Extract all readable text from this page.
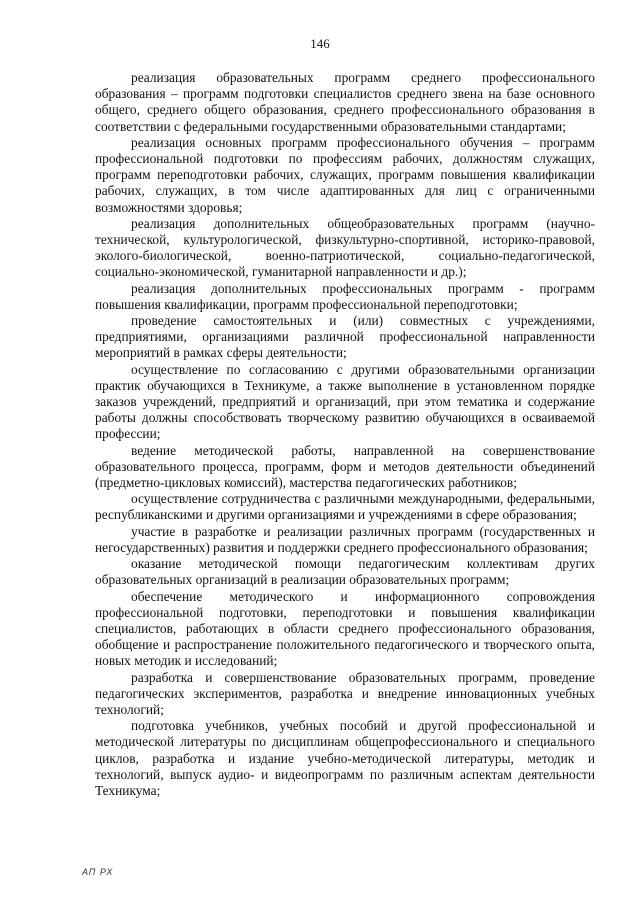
146

реализация образовательных программ среднего профессионального образования – программ подготовки специалистов среднего звена на базе основного общего, среднего общего образования, среднего профессионального образования в соответствии с федеральными государственными образовательными стандартами;

реализация основных программ профессионального обучения – программ профессиональной подготовки по профессиям рабочих, должностям служащих, программ переподготовки рабочих, служащих, программ повышения квалификации рабочих, служащих, в том числе адаптированных для лиц с ограниченными возможностями здоровья;

реализация дополнительных общеобразовательных программ (научно-технической, культурологической, физкультурно-спортивной, историко-правовой, эколого-биологической, военно-патриотической, социально-педагогической, социально-экономической, гуманитарной направленности и др.);

реализация дополнительных профессиональных программ - программ повышения квалификации, программ профессиональной переподготовки;

проведение самостоятельных и (или) совместных с учреждениями, предприятиями, организациями различной профессиональной направленности мероприятий в рамках сферы деятельности;

осуществление по согласованию с другими образовательными организации практик обучающихся в Техникуме, а также выполнение в установленном порядке заказов учреждений, предприятий и организаций, при этом тематика и содержание работы должны способствовать творческому развитию обучающихся в осваиваемой профессии;

ведение методической работы, направленной на совершенствование образовательного процесса, программ, форм и методов деятельности объединений (предметно-цикловых комиссий), мастерства педагогических работников;

осуществление сотрудничества с различными международными, федеральными, республиканскими и другими организациями и учреждениями в сфере образования;

участие в разработке и реализации различных программ (государственных и негосударственных) развития и поддержки среднего профессионального образования;

оказание методической помощи педагогическим коллективам других образовательных организаций в реализации образовательных программ;

обеспечение методического и информационного сопровождения профессиональной подготовки, переподготовки и повышения квалификации специалистов, работающих в области среднего профессионального образования, обобщение и распространение положительного педагогического и творческого опыта, новых методик и исследований;

разработка и совершенствование образовательных программ, проведение педагогических экспериментов, разработка и внедрение инновационных учебных технологий;

подготовка учебников, учебных пособий и другой профессиональной и методической литературы по дисциплинам общепрофессионального и специального циклов, разработка и издание учебно-методической литературы, методик и технологий, выпуск аудио- и видеопрограмм по различным аспектам деятельности Техникума;

АП РХ
